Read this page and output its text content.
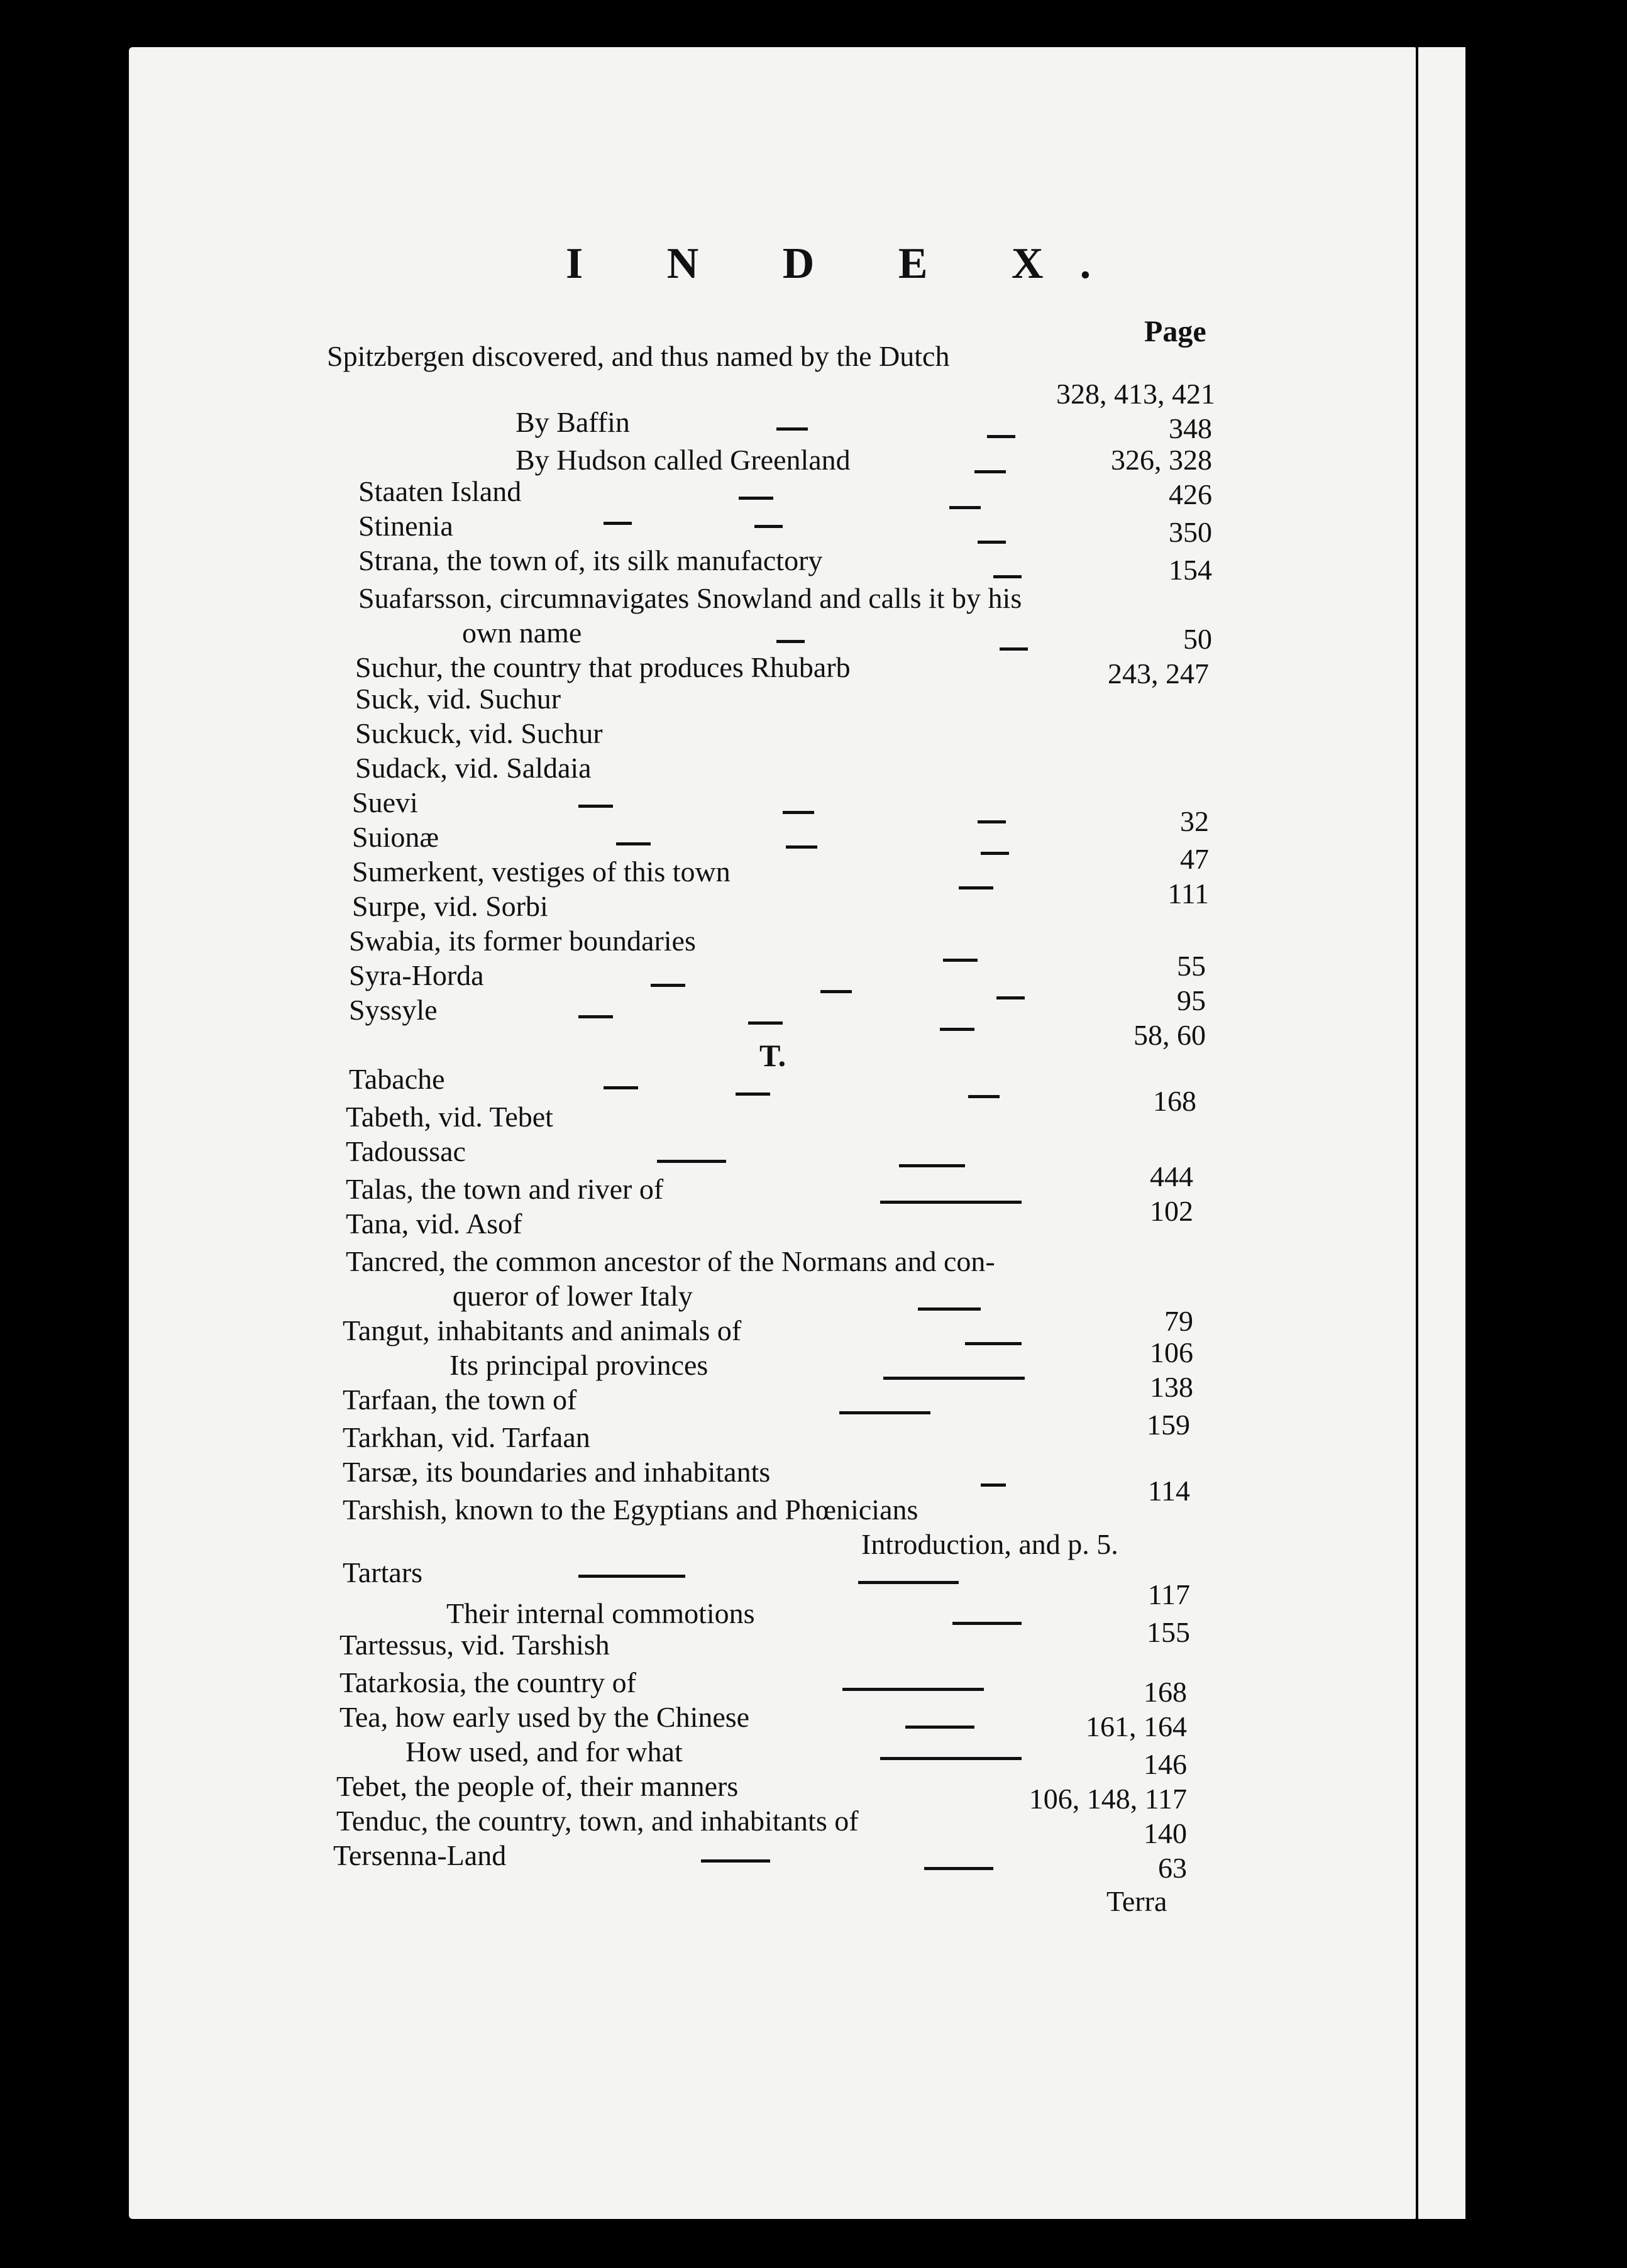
I N D E X.
Page
Spitzbergen discovered, and thus named by the Dutch
By Baffin
By Hudson called Greenland
Staaten Island
Stinenia
Strana, the town of, its silk manufactory
Suafarsson, circumnavigates Snowland and calls it by his
own name
Suchur, the country that produces Rhubarb
Suck, vid. Suchur
Suckuck, vid. Suchur
Sudack, vid. Saldaia
Suevi
Suionæ
Sumerkent, vestiges of this town
Surpe, vid. Sorbi
Swabia, its former boundaries
Syra-Horda
Syssyle
T.
Tabache
Tabeth, vid. Tebet
Tadoussac
Talas, the town and river of
Tana, vid. Asof
Tancred, the common ancestor of the Normans and con-
queror of lower Italy
Tangut, inhabitants and animals of
Its principal provinces
Tarfaan, the town of
Tarkhan, vid. Tarfaan
Tarsæ, its boundaries and inhabitants
Tarshish, known to the Egyptians and Phœnicians
Introduction, and p. 5.
Tartars
Their internal commotions
Tartessus, vid. Tarshish
Tatarkosia, the country of
Tea, how early used by the Chinese
How used, and for what
Tebet, the people of, their manners
Tenduc, the country, town, and inhabitants of
Tersenna-Land
328, 413, 421
348
326, 328
426
350
154
50
243, 247
32
47
111
55
95
58, 60
168
444
102
79
106
138
159
114
117
155
168
161, 164
146
106, 148, 117
140
63
Terra
